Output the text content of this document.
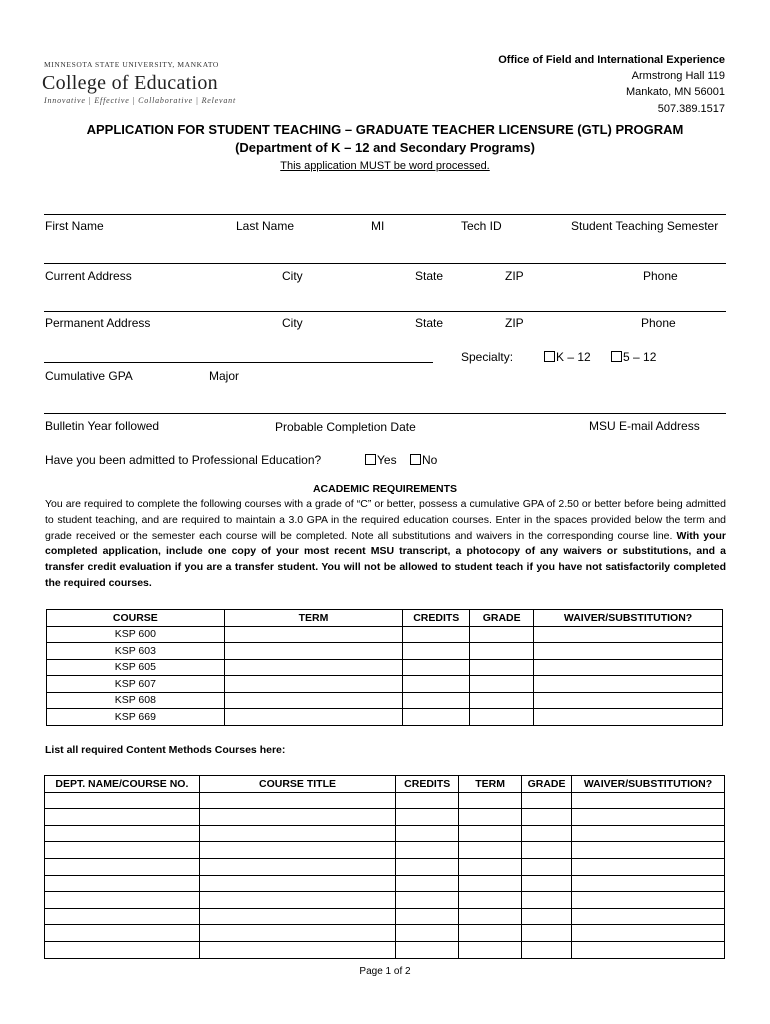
MINNESOTA STATE UNIVERSITY, MANKATO
College of Education
Innovative | Effective | Collaborative | Relevant
Office of Field and International Experience
Armstrong Hall 119
Mankato, MN 56001
507.389.1517
APPLICATION FOR STUDENT TEACHING – GRADUATE TEACHER LICENSURE (GTL) PROGRAM
(Department of K – 12 and Secondary Programs)
This application MUST be word processed.
First Name	Last Name	MI	Tech ID	Student Teaching Semester
Current Address	City	State	ZIP	Phone
Permanent Address	City	State	ZIP	Phone
Specialty:	K – 12	5 – 12
Cumulative GPA	Major
Bulletin Year followed	Probable Completion Date	MSU E-mail Address
Have you been admitted to Professional Education?	Yes	No
ACADEMIC REQUIREMENTS
You are required to complete the following courses with a grade of “C” or better, possess a cumulative GPA of 2.50 or better before being admitted to student teaching, and are required to maintain a 3.0 GPA in the required education courses. Enter in the spaces provided below the term and grade received or the semester each course will be completed. Note all substitutions and waivers in the corresponding course line. With your completed application, include one copy of your most recent MSU transcript, a photocopy of any waivers or substitutions, and a transfer credit evaluation if you are a transfer student. You will not be allowed to student teach if you have not satisfactorily completed the required courses.
COURSE	TERM	CREDITS	GRADE	WAIVER/SUBSTITUTION?
KSP 600				
KSP 603				
KSP 605				
KSP 607				
KSP 608				
KSP 669				
List all required Content Methods Courses here:
DEPT. NAME/COURSE NO.	COURSE TITLE	CREDITS	TERM	GRADE	WAIVER/SUBSTITUTION?

Page 1 of 2
